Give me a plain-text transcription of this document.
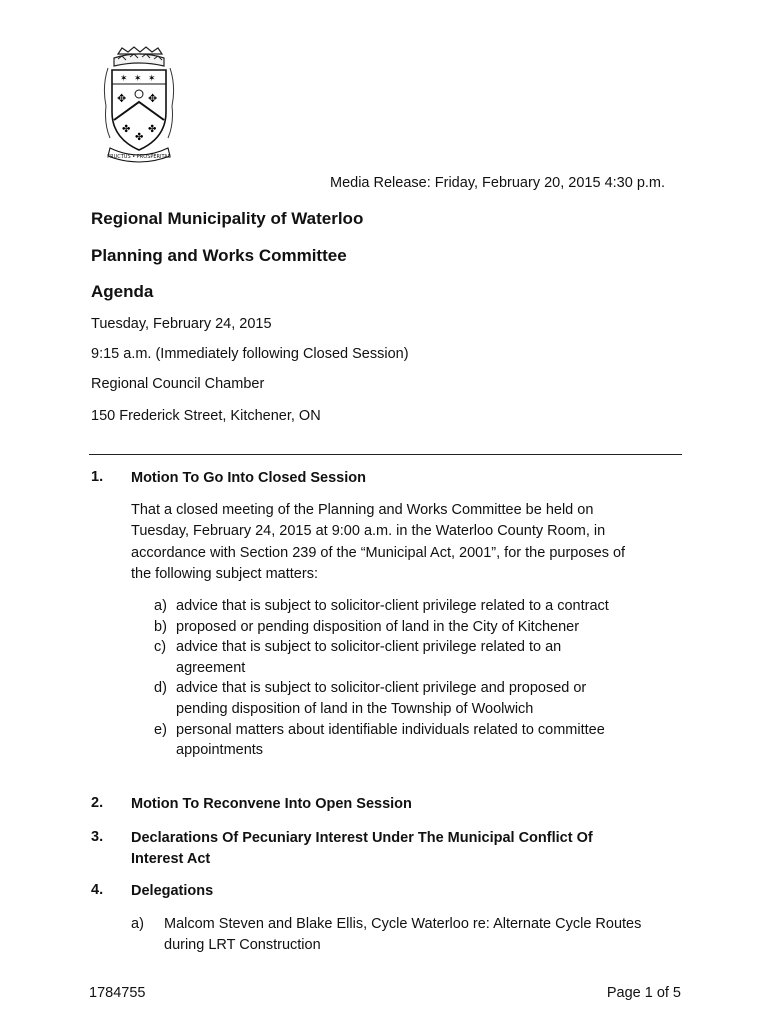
✶ ✶ ✶
✥ ✥
✤
✤
✤
FRUCTUS • PROSPERITAS
Media Release: Friday, February 20, 2015 4:30 p.m.
Regional Municipality of Waterloo
Planning and Works Committee
Agenda
Tuesday, February 24, 2015
9:15 a.m. (Immediately following Closed Session)
Regional Council Chamber
150 Frederick Street, Kitchener, ON
1. Motion To Go Into Closed Session
That a closed meeting of the Planning and Works Committee be held on Tuesday, February 24, 2015 at 9:00 a.m. in the Waterloo County Room, in accordance with Section 239 of the “Municipal Act, 2001”, for the purposes of the following subject matters:
a) advice that is subject to solicitor-client privilege related to a contract
b) proposed or pending disposition of land in the City of Kitchener
c) advice that is subject to solicitor-client privilege related to an agreement
d) advice that is subject to solicitor-client privilege and proposed or pending disposition of land in the Township of Woolwich
e) personal matters about identifiable individuals related to committee appointments
2. Motion To Reconvene Into Open Session
3. Declarations Of Pecuniary Interest Under The Municipal Conflict Of Interest Act
4. Delegations
a)	Malcom Steven and Blake Ellis, Cycle Waterloo re: Alternate Cycle Routes during LRT Construction
1784755	Page 1 of 5
